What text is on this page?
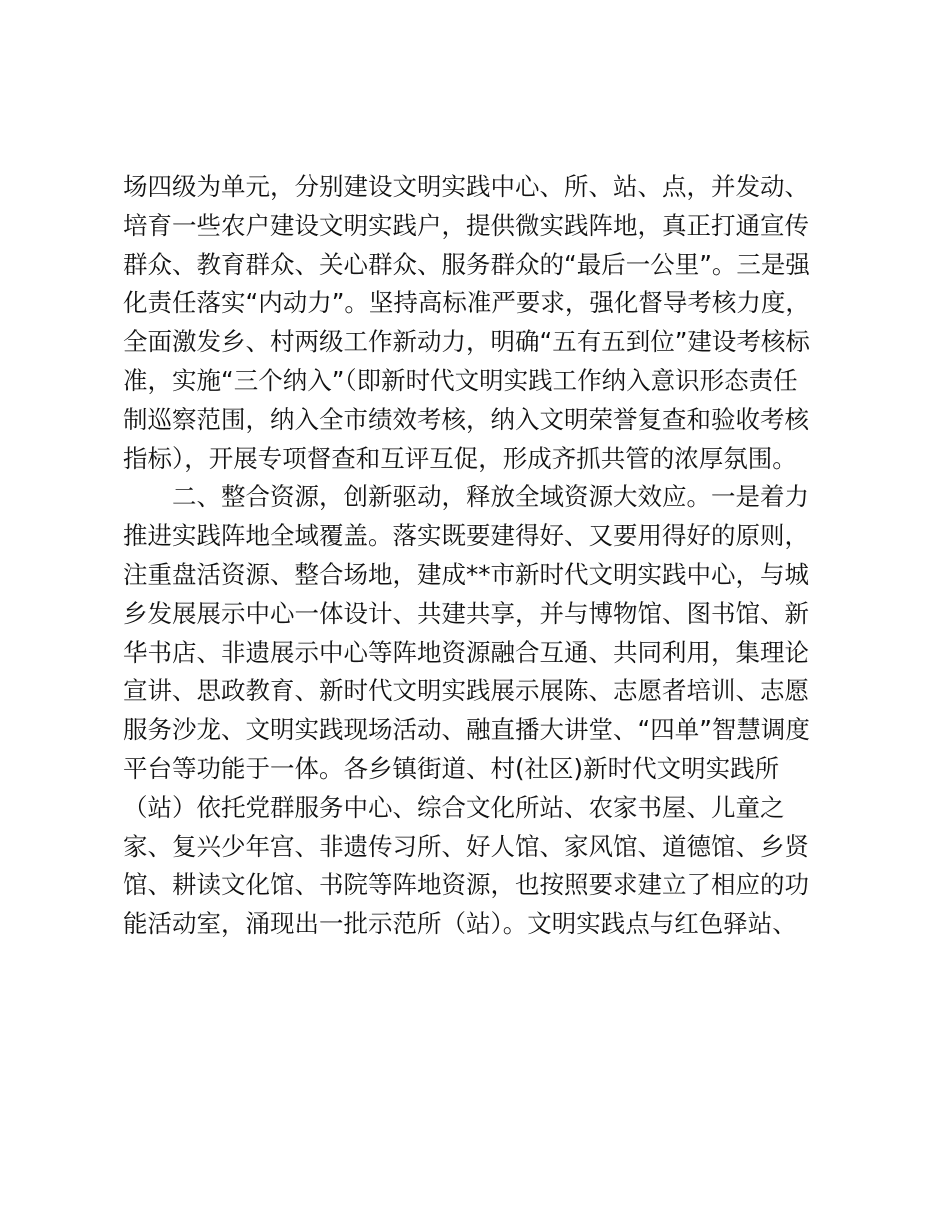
场四级为单元，分别建设文明实践中心、所、站、点，并发动、
培育一些农户建设文明实践户，提供微实践阵地，真正打通宣传
群众、教育群众、关心群众、服务群众的“最后一公里”。三是强
化责任落实“内动力”。坚持高标准严要求，强化督导考核力度，
全面激发乡、村两级工作新动力，明确“五有五到位”建设考核标
准，实施“三个纳入”（即新时代文明实践工作纳入意识形态责任
制巡察范围，纳入全市绩效考核，纳入文明荣誉复查和验收考核
指标），开展专项督查和互评互促，形成齐抓共管的浓厚氛围。
　　二、整合资源，创新驱动，释放全域资源大效应。一是着力
推进实践阵地全域覆盖。落实既要建得好、又要用得好的原则，
注重盘活资源、整合场地，建成**市新时代文明实践中心，与城
乡发展展示中心一体设计、共建共享，并与博物馆、图书馆、新
华书店、非遗展示中心等阵地资源融合互通、共同利用，集理论
宣讲、思政教育、新时代文明实践展示展陈、志愿者培训、志愿
服务沙龙、文明实践现场活动、融直播大讲堂、“四单”智慧调度
平台等功能于一体。各乡镇街道、村(社区)新时代文明实践所
（站）依托党群服务中心、综合文化所站、农家书屋、儿童之
家、复兴少年宫、非遗传习所、好人馆、家风馆、道德馆、乡贤
馆、耕读文化馆、书院等阵地资源，也按照要求建立了相应的功
能活动室，涌现出一批示范所（站）。文明实践点与红色驿站、
